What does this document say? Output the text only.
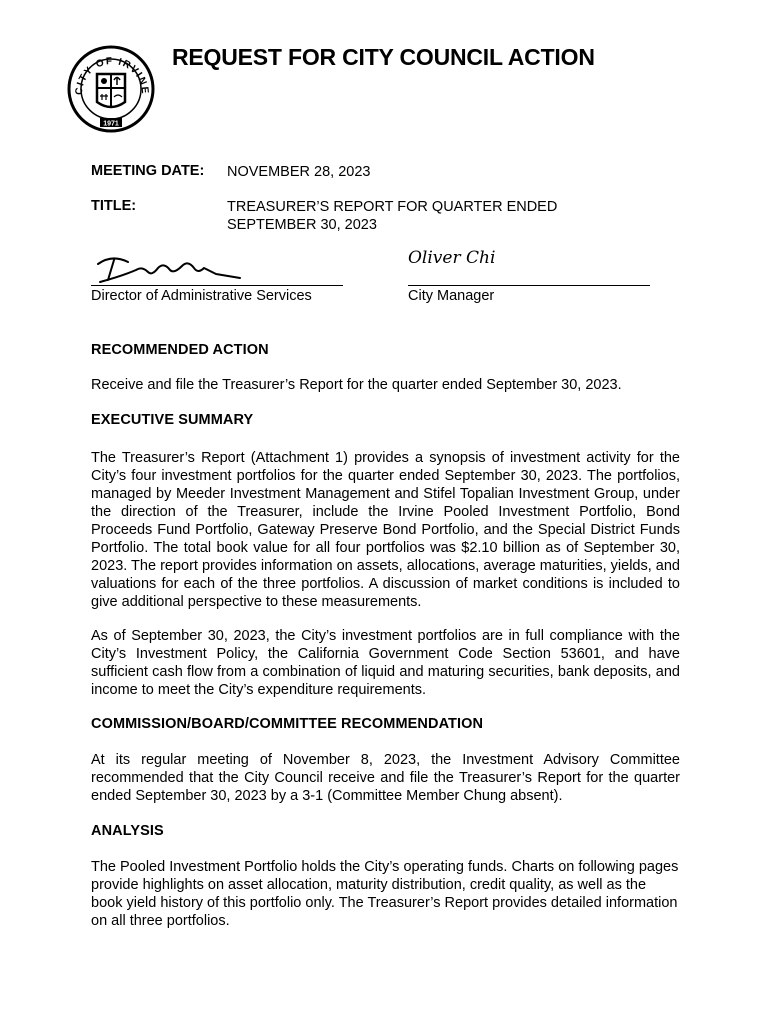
CITY OF IRVINE
1971
REQUEST FOR CITY COUNCIL ACTION
MEETING DATE: NOVEMBER 28, 2023
TITLE:	TREASURER’S REPORT FOR QUARTER ENDED SEPTEMBER 30, 2023
Director of Administrative Services
Oliver Chi
City Manager
RECOMMENDED ACTION
Receive and file the Treasurer’s Report for the quarter ended September 30, 2023.
EXECUTIVE SUMMARY
The Treasurer’s Report (Attachment 1) provides a synopsis of investment activity for the City’s four investment portfolios for the quarter ended September 30, 2023. The portfolios, managed by Meeder Investment Management and Stifel Topalian Investment Group, under the direction of the Treasurer, include the Irvine Pooled Investment Portfolio, Bond Proceeds Fund Portfolio, Gateway Preserve Bond Portfolio, and the Special District Funds Portfolio. The total book value for all four portfolios was $2.10 billion as of September 30, 2023. The report provides information on assets, allocations, average maturities, yields, and valuations for each of the three portfolios. A discussion of market conditions is included to give additional perspective to these measurements.
As of September 30, 2023, the City’s investment portfolios are in full compliance with the City’s Investment Policy, the California Government Code Section 53601, and have sufficient cash flow from a combination of liquid and maturing securities, bank deposits, and income to meet the City’s expenditure requirements.
COMMISSION/BOARD/COMMITTEE RECOMMENDATION
At its regular meeting of November 8, 2023, the Investment Advisory Committee recommended that the City Council receive and file the Treasurer’s Report for the quarter ended September 30, 2023 by a 3-1 (Committee Member Chung absent).
ANALYSIS
The Pooled Investment Portfolio holds the City’s operating funds. Charts on following pages provide highlights on asset allocation, maturity distribution, credit quality, as well as the book yield history of this portfolio only. The Treasurer’s Report provides detailed information on all three portfolios.
